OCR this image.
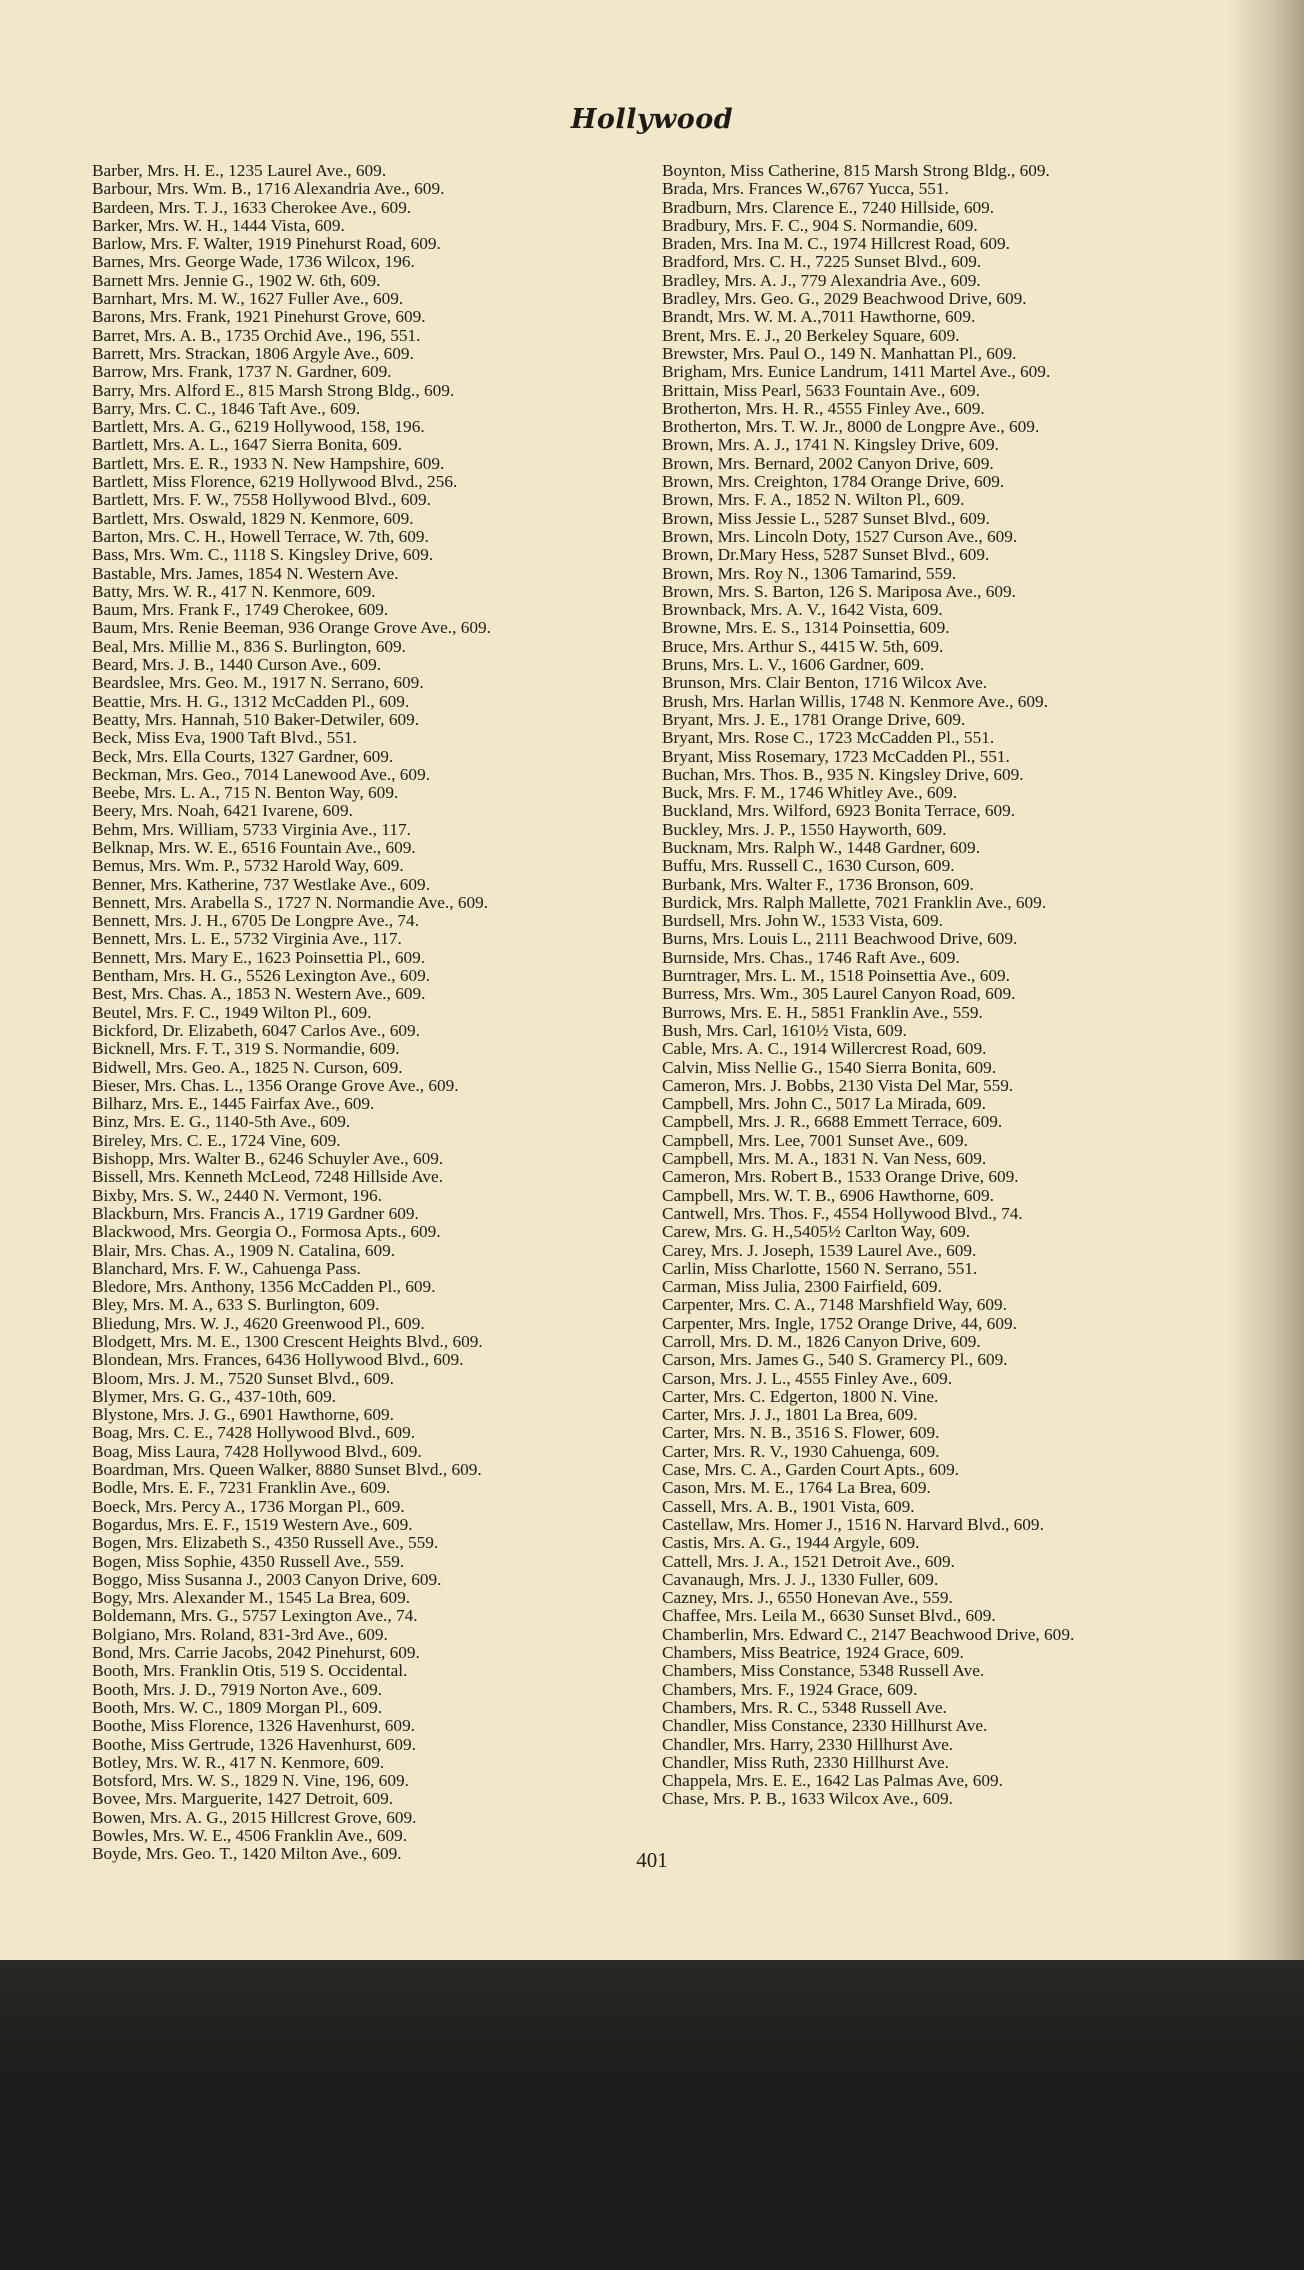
Hollywood
Barber, Mrs. H. E., 1235 Laurel Ave., 609.
Barbour, Mrs. Wm. B., 1716 Alexandria Ave., 609.
Bardeen, Mrs. T. J., 1633 Cherokee Ave., 609.
Barker, Mrs. W. H., 1444 Vista, 609.
Barlow, Mrs. F. Walter, 1919 Pinehurst Road, 609.
Barnes, Mrs. George Wade, 1736 Wilcox, 196.
Barnett Mrs. Jennie G., 1902 W. 6th, 609.
Barnhart, Mrs. M. W., 1627 Fuller Ave., 609.
Barons, Mrs. Frank, 1921 Pinehurst Grove, 609.
Barret, Mrs. A. B., 1735 Orchid Ave., 196, 551.
Barrett, Mrs. Strackan, 1806 Argyle Ave., 609.
Barrow, Mrs. Frank, 1737 N. Gardner, 609.
Barry, Mrs. Alford E., 815 Marsh Strong Bldg., 609.
Barry, Mrs. C. C., 1846 Taft Ave., 609.
Bartlett, Mrs. A. G., 6219 Hollywood, 158, 196.
Bartlett, Mrs. A. L., 1647 Sierra Bonita, 609.
Bartlett, Mrs. E. R., 1933 N. New Hampshire, 609.
Bartlett, Miss Florence, 6219 Hollywood Blvd., 256.
Bartlett, Mrs. F. W., 7558 Hollywood Blvd., 609.
Bartlett, Mrs. Oswald, 1829 N. Kenmore, 609.
Barton, Mrs. C. H., Howell Terrace, W. 7th, 609.
Bass, Mrs. Wm. C., 1118 S. Kingsley Drive, 609.
Bastable, Mrs. James, 1854 N. Western Ave.
Batty, Mrs. W. R., 417 N. Kenmore, 609.
Baum, Mrs. Frank F., 1749 Cherokee, 609.
Baum, Mrs. Renie Beeman, 936 Orange Grove Ave., 609.
Beal, Mrs. Millie M., 836 S. Burlington, 609.
Beard, Mrs. J. B., 1440 Curson Ave., 609.
Beardslee, Mrs. Geo. M., 1917 N. Serrano, 609.
Beattie, Mrs. H. G., 1312 McCadden Pl., 609.
Beatty, Mrs. Hannah, 510 Baker-Detwiler, 609.
Beck, Miss Eva, 1900 Taft Blvd., 551.
Beck, Mrs. Ella Courts, 1327 Gardner, 609.
Beckman, Mrs. Geo., 7014 Lanewood Ave., 609.
Beebe, Mrs. L. A., 715 N. Benton Way, 609.
Beery, Mrs. Noah, 6421 Ivarene, 609.
Behm, Mrs. William, 5733 Virginia Ave., 117.
Belknap, Mrs. W. E., 6516 Fountain Ave., 609.
Bemus, Mrs. Wm. P., 5732 Harold Way, 609.
Benner, Mrs. Katherine, 737 Westlake Ave., 609.
Bennett, Mrs. Arabella S., 1727 N. Normandie Ave., 609.
Bennett, Mrs. J. H., 6705 De Longpre Ave., 74.
Bennett, Mrs. L. E., 5732 Virginia Ave., 117.
Bennett, Mrs. Mary E., 1623 Poinsettia Pl., 609.
Bentham, Mrs. H. G., 5526 Lexington Ave., 609.
Best, Mrs. Chas. A., 1853 N. Western Ave., 609.
Beutel, Mrs. F. C., 1949 Wilton Pl., 609.
Bickford, Dr. Elizabeth, 6047 Carlos Ave., 609.
Bicknell, Mrs. F. T., 319 S. Normandie, 609.
Bidwell, Mrs. Geo. A., 1825 N. Curson, 609.
Bieser, Mrs. Chas. L., 1356 Orange Grove Ave., 609.
Bilharz, Mrs. E., 1445 Fairfax Ave., 609.
Binz, Mrs. E. G., 1140-5th Ave., 609.
Bireley, Mrs. C. E., 1724 Vine, 609.
Bishopp, Mrs. Walter B., 6246 Schuyler Ave., 609.
Bissell, Mrs. Kenneth McLeod, 7248 Hillside Ave.
Bixby, Mrs. S. W., 2440 N. Vermont, 196.
Blackburn, Mrs. Francis A., 1719 Gardner 609.
Blackwood, Mrs. Georgia O., Formosa Apts., 609.
Blair, Mrs. Chas. A., 1909 N. Catalina, 609.
Blanchard, Mrs. F. W., Cahuenga Pass.
Bledore, Mrs. Anthony, 1356 McCadden Pl., 609.
Bley, Mrs. M. A., 633 S. Burlington, 609.
Bliedung, Mrs. W. J., 4620 Greenwood Pl., 609.
Blodgett, Mrs. M. E., 1300 Crescent Heights Blvd., 609.
Blondean, Mrs. Frances, 6436 Hollywood Blvd., 609.
Bloom, Mrs. J. M., 7520 Sunset Blvd., 609.
Blymer, Mrs. G. G., 437-10th, 609.
Blystone, Mrs. J. G., 6901 Hawthorne, 609.
Boag, Mrs. C. E., 7428 Hollywood Blvd., 609.
Boag, Miss Laura, 7428 Hollywood Blvd., 609.
Boardman, Mrs. Queen Walker, 8880 Sunset Blvd., 609.
Bodle, Mrs. E. F., 7231 Franklin Ave., 609.
Boeck, Mrs. Percy A., 1736 Morgan Pl., 609.
Bogardus, Mrs. E. F., 1519 Western Ave., 609.
Bogen, Mrs. Elizabeth S., 4350 Russell Ave., 559.
Bogen, Miss Sophie, 4350 Russell Ave., 559.
Boggo, Miss Susanna J., 2003 Canyon Drive, 609.
Bogy, Mrs. Alexander M., 1545 La Brea, 609.
Boldemann, Mrs. G., 5757 Lexington Ave., 74.
Bolgiano, Mrs. Roland, 831-3rd Ave., 609.
Bond, Mrs. Carrie Jacobs, 2042 Pinehurst, 609.
Booth, Mrs. Franklin Otis, 519 S. Occidental.
Booth, Mrs. J. D., 7919 Norton Ave., 609.
Booth, Mrs. W. C., 1809 Morgan Pl., 609.
Boothe, Miss Florence, 1326 Havenhurst, 609.
Boothe, Miss Gertrude, 1326 Havenhurst, 609.
Botley, Mrs. W. R., 417 N. Kenmore, 609.
Botsford, Mrs. W. S., 1829 N. Vine, 196, 609.
Bovee, Mrs. Marguerite, 1427 Detroit, 609.
Bowen, Mrs. A. G., 2015 Hillcrest Grove, 609.
Bowles, Mrs. W. E., 4506 Franklin Ave., 609.
Boyde, Mrs. Geo. T., 1420 Milton Ave., 609.
Boynton, Miss Catherine, 815 Marsh Strong Bldg., 609.
Brada, Mrs. Frances W.,6767 Yucca, 551.
Bradburn, Mrs. Clarence E., 7240 Hillside, 609.
Bradbury, Mrs. F. C., 904 S. Normandie, 609.
Braden, Mrs. Ina M. C., 1974 Hillcrest Road, 609.
Bradford, Mrs. C. H., 7225 Sunset Blvd., 609.
Bradley, Mrs. A. J., 779 Alexandria Ave., 609.
Bradley, Mrs. Geo. G., 2029 Beachwood Drive, 609.
Brandt, Mrs. W. M. A.,7011 Hawthorne, 609.
Brent, Mrs. E. J., 20 Berkeley Square, 609.
Brewster, Mrs. Paul O., 149 N. Manhattan Pl., 609.
Brigham, Mrs. Eunice Landrum, 1411 Martel Ave., 609.
Brittain, Miss Pearl, 5633 Fountain Ave., 609.
Brotherton, Mrs. H. R., 4555 Finley Ave., 609.
Brotherton, Mrs. T. W. Jr., 8000 de Longpre Ave., 609.
Brown, Mrs. A. J., 1741 N. Kingsley Drive, 609.
Brown, Mrs. Bernard, 2002 Canyon Drive, 609.
Brown, Mrs. Creighton, 1784 Orange Drive, 609.
Brown, Mrs. F. A., 1852 N. Wilton Pl., 609.
Brown, Miss Jessie L., 5287 Sunset Blvd., 609.
Brown, Mrs. Lincoln Doty, 1527 Curson Ave., 609.
Brown, Dr.Mary Hess, 5287 Sunset Blvd., 609.
Brown, Mrs. Roy N., 1306 Tamarind, 559.
Brown, Mrs. S. Barton, 126 S. Mariposa Ave., 609.
Brownback, Mrs. A. V., 1642 Vista, 609.
Browne, Mrs. E. S., 1314 Poinsettia, 609.
Bruce, Mrs. Arthur S., 4415 W. 5th, 609.
Bruns, Mrs. L. V., 1606 Gardner, 609.
Brunson, Mrs. Clair Benton, 1716 Wilcox Ave.
Brush, Mrs. Harlan Willis, 1748 N. Kenmore Ave., 609.
Bryant, Mrs. J. E., 1781 Orange Drive, 609.
Bryant, Mrs. Rose C., 1723 McCadden Pl., 551.
Bryant, Miss Rosemary, 1723 McCadden Pl., 551.
Buchan, Mrs. Thos. B., 935 N. Kingsley Drive, 609.
Buck, Mrs. F. M., 1746 Whitley Ave., 609.
Buckland, Mrs. Wilford, 6923 Bonita Terrace, 609.
Buckley, Mrs. J. P., 1550 Hayworth, 609.
Bucknam, Mrs. Ralph W., 1448 Gardner, 609.
Buffu, Mrs. Russell C., 1630 Curson, 609.
Burbank, Mrs. Walter F., 1736 Bronson, 609.
Burdick, Mrs. Ralph Mallette, 7021 Franklin Ave., 609.
Burdsell, Mrs. John W., 1533 Vista, 609.
Burns, Mrs. Louis L., 2111 Beachwood Drive, 609.
Burnside, Mrs. Chas., 1746 Raft Ave., 609.
Burntrager, Mrs. L. M., 1518 Poinsettia Ave., 609.
Burress, Mrs. Wm., 305 Laurel Canyon Road, 609.
Burrows, Mrs. E. H., 5851 Franklin Ave., 559.
Bush, Mrs. Carl, 1610½ Vista, 609.
Cable, Mrs. A. C., 1914 Willercrest Road, 609.
Calvin, Miss Nellie G., 1540 Sierra Bonita, 609.
Cameron, Mrs. J. Bobbs, 2130 Vista Del Mar, 559.
Campbell, Mrs. John C., 5017 La Mirada, 609.
Campbell, Mrs. J. R., 6688 Emmett Terrace, 609.
Campbell, Mrs. Lee, 7001 Sunset Ave., 609.
Campbell, Mrs. M. A., 1831 N. Van Ness, 609.
Cameron, Mrs. Robert B., 1533 Orange Drive, 609.
Campbell, Mrs. W. T. B., 6906 Hawthorne, 609.
Cantwell, Mrs. Thos. F., 4554 Hollywood Blvd., 74.
Carew, Mrs. G. H.,5405½ Carlton Way, 609.
Carey, Mrs. J. Joseph, 1539 Laurel Ave., 609.
Carlin, Miss Charlotte, 1560 N. Serrano, 551.
Carman, Miss Julia, 2300 Fairfield, 609.
Carpenter, Mrs. C. A., 7148 Marshfield Way, 609.
Carpenter, Mrs. Ingle, 1752 Orange Drive, 44, 609.
Carroll, Mrs. D. M., 1826 Canyon Drive, 609.
Carson, Mrs. James G., 540 S. Gramercy Pl., 609.
Carson, Mrs. J. L., 4555 Finley Ave., 609.
Carter, Mrs. C. Edgerton, 1800 N. Vine.
Carter, Mrs. J. J., 1801 La Brea, 609.
Carter, Mrs. N. B., 3516 S. Flower, 609.
Carter, Mrs. R. V., 1930 Cahuenga, 609.
Case, Mrs. C. A., Garden Court Apts., 609.
Cason, Mrs. M. E., 1764 La Brea, 609.
Cassell, Mrs. A. B., 1901 Vista, 609.
Castellaw, Mrs. Homer J., 1516 N. Harvard Blvd., 609.
Castis, Mrs. A. G., 1944 Argyle, 609.
Cattell, Mrs. J. A., 1521 Detroit Ave., 609.
Cavanaugh, Mrs. J. J., 1330 Fuller, 609.
Cazney, Mrs. J., 6550 Honevan Ave., 559.
Chaffee, Mrs. Leila M., 6630 Sunset Blvd., 609.
Chamberlin, Mrs. Edward C., 2147 Beachwood Drive, 609.
Chambers, Miss Beatrice, 1924 Grace, 609.
Chambers, Miss Constance, 5348 Russell Ave.
Chambers, Mrs. F., 1924 Grace, 609.
Chambers, Mrs. R. C., 5348 Russell Ave.
Chandler, Miss Constance, 2330 Hillhurst Ave.
Chandler, Mrs. Harry, 2330 Hillhurst Ave.
Chandler, Miss Ruth, 2330 Hillhurst Ave.
Chappela, Mrs. E. E., 1642 Las Palmas Ave, 609.
Chase, Mrs. P. B., 1633 Wilcox Ave., 609.
401
